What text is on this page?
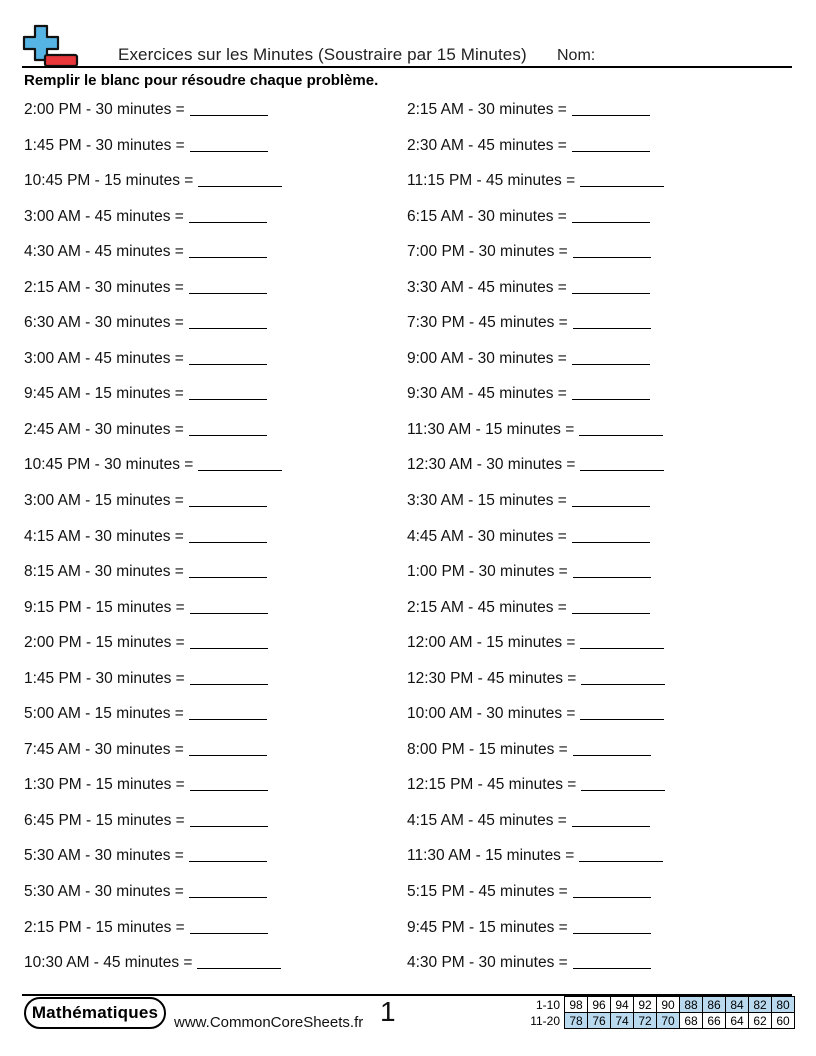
Exercices sur les Minutes (Soustraire par 15 Minutes) Nom:
Remplir le blanc pour résoudre chaque problème.
2:00 PM - 30 minutes =	2:15 AM - 30 minutes =
1:45 PM - 30 minutes =	2:30 AM - 45 minutes =
10:45 PM - 15 minutes =	11:15 PM - 45 minutes =
3:00 AM - 45 minutes =	6:15 AM - 30 minutes =
4:30 AM - 45 minutes =	7:00 PM - 30 minutes =
2:15 AM - 30 minutes =	3:30 AM - 45 minutes =
6:30 AM - 30 minutes =	7:30 PM - 45 minutes =
3:00 AM - 45 minutes =	9:00 AM - 30 minutes =
9:45 AM - 15 minutes =	9:30 AM - 45 minutes =
2:45 AM - 30 minutes =	11:30 AM - 15 minutes =
10:45 PM - 30 minutes =	12:30 AM - 30 minutes =
3:00 AM - 15 minutes =	3:30 AM - 15 minutes =
4:15 AM - 30 minutes =	4:45 AM - 30 minutes =
8:15 AM - 30 minutes =	1:00 PM - 30 minutes =
9:15 PM - 15 minutes =	2:15 AM - 45 minutes =
2:00 PM - 15 minutes =	12:00 AM - 15 minutes =
1:45 PM - 30 minutes =	12:30 PM - 45 minutes =
5:00 AM - 15 minutes =	10:00 AM - 30 minutes =
7:45 AM - 30 minutes =	8:00 PM - 15 minutes =
1:30 PM - 15 minutes =	12:15 PM - 45 minutes =
6:45 PM - 15 minutes =	4:15 AM - 45 minutes =
5:30 AM - 30 minutes =	11:30 AM - 15 minutes =
5:30 AM - 30 minutes =	5:15 PM - 45 minutes =
2:15 PM - 15 minutes =	9:45 PM - 15 minutes =
10:30 AM - 45 minutes =	4:30 PM - 30 minutes =
Mathématiques
www.CommonCoreSheets.fr 1	1-10	98	96	94	92	90	88	86	84	82	80
11-20	78	76	74	72	70	68	66	64	62	60
